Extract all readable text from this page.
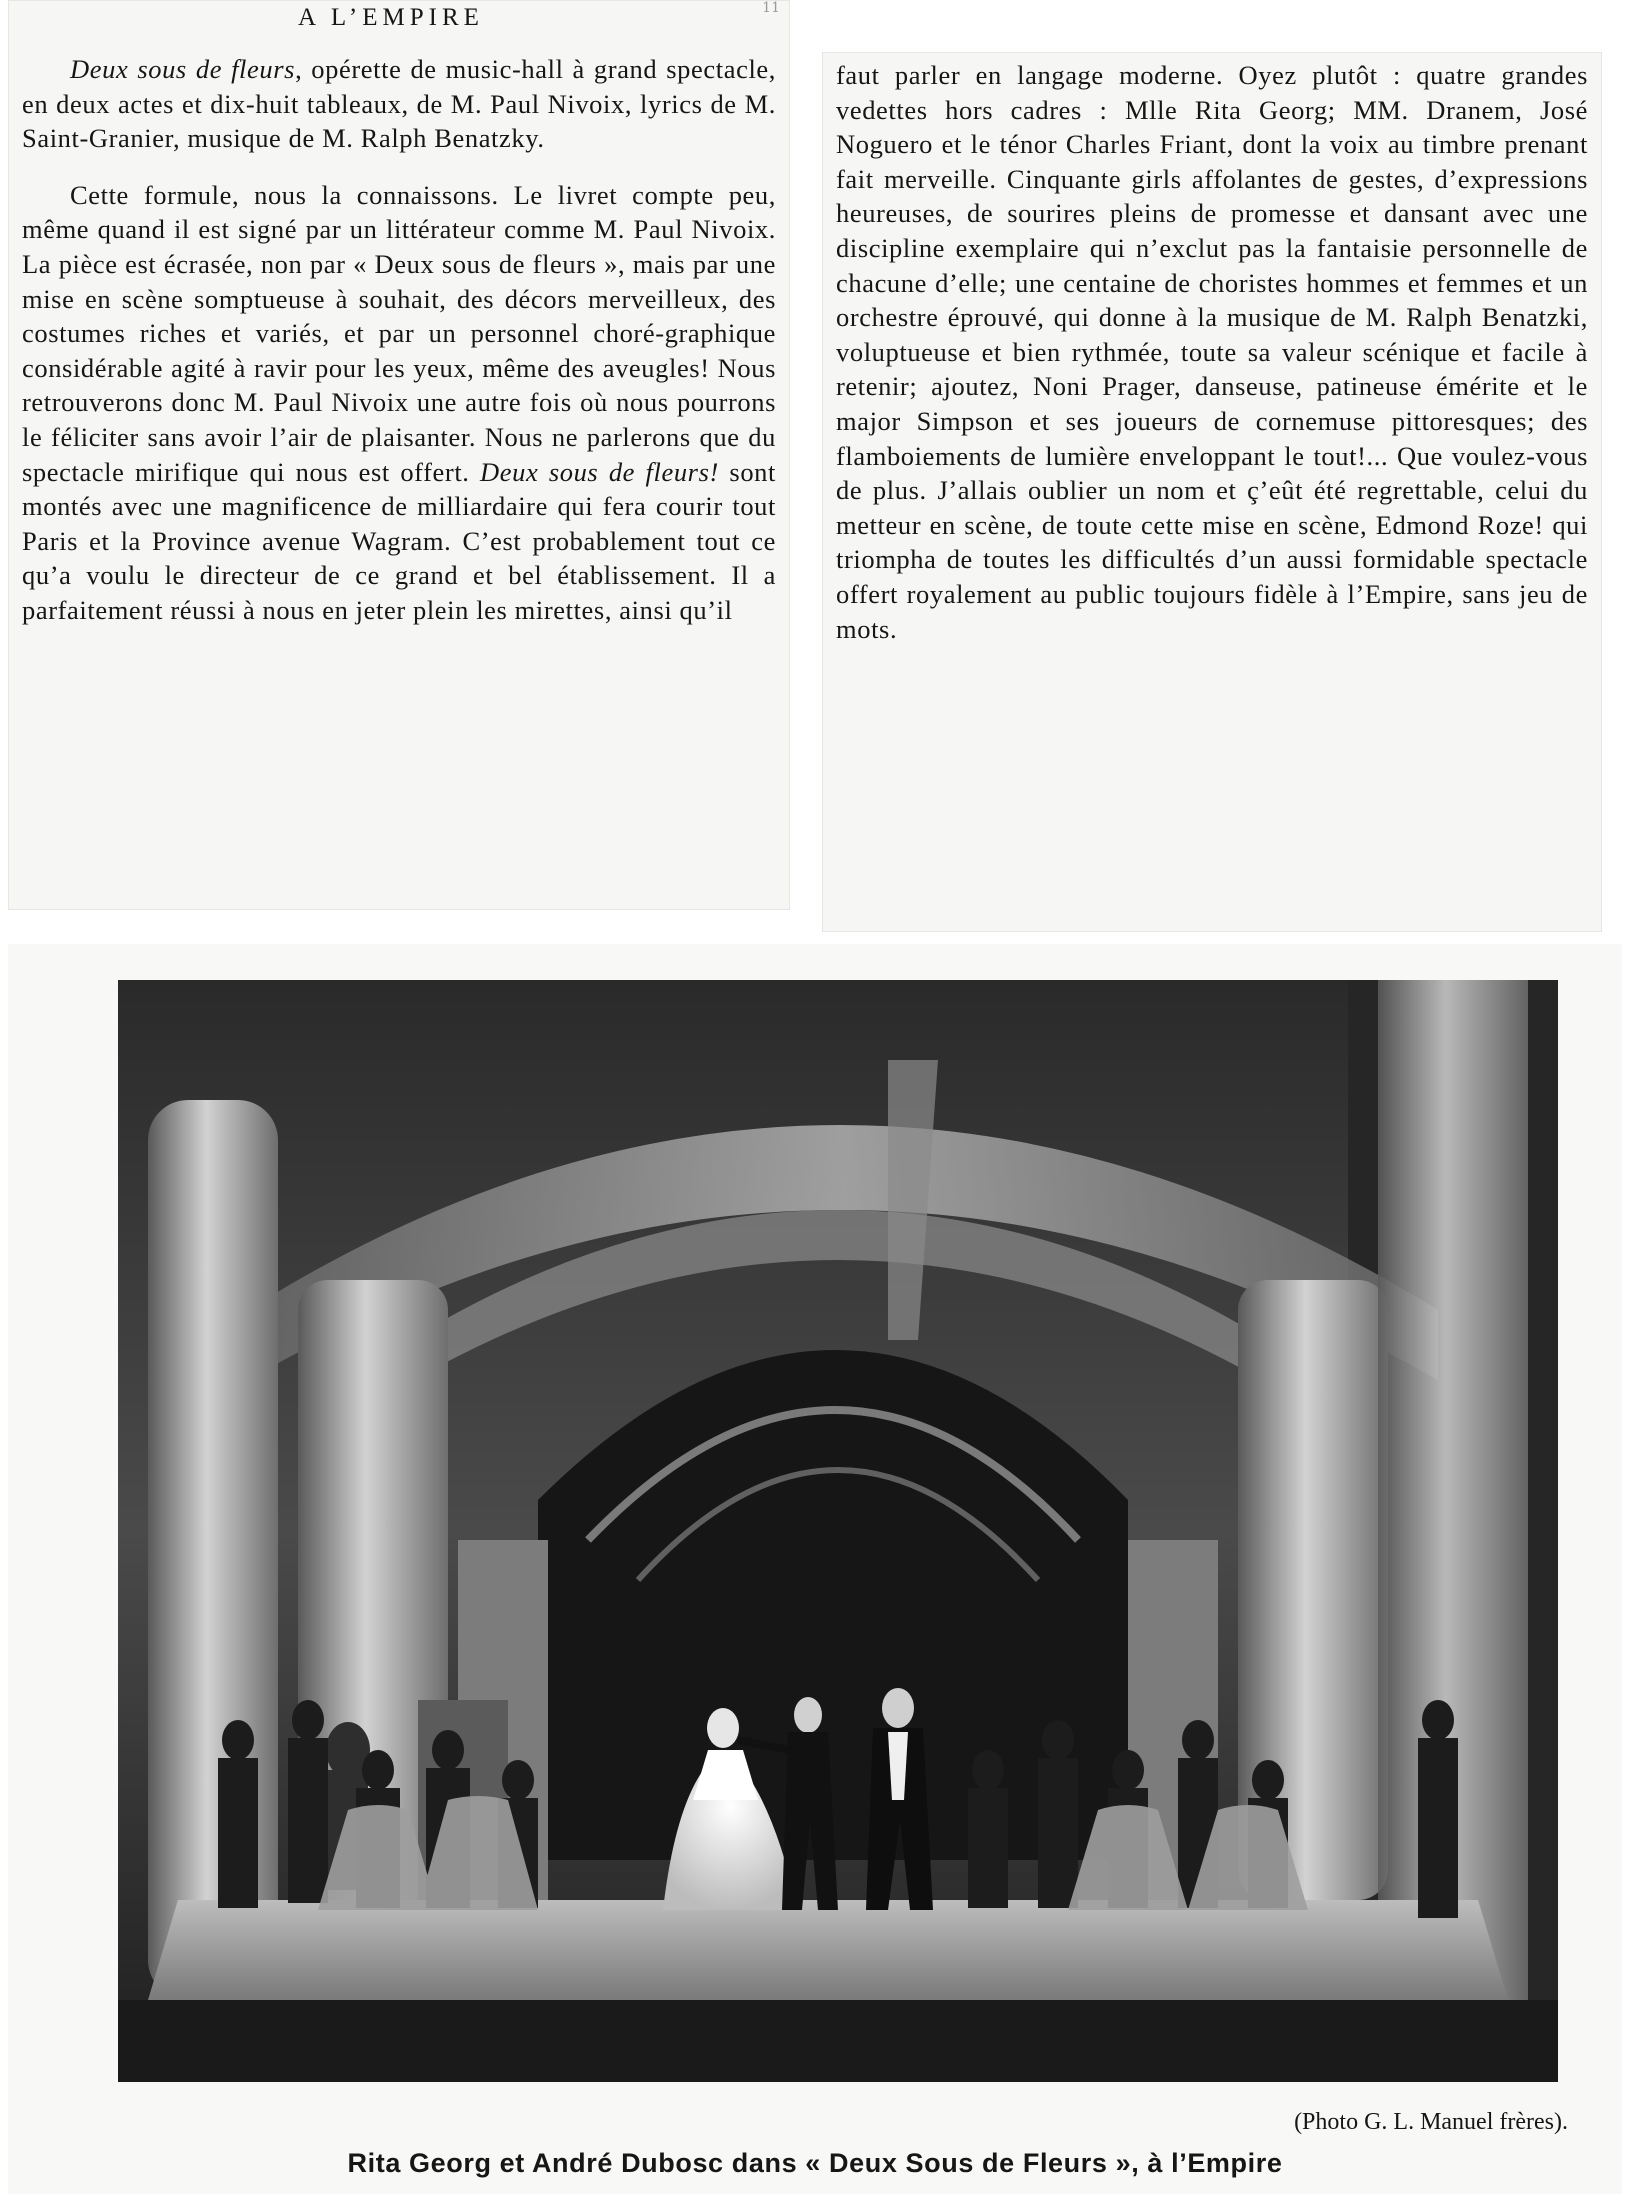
11
A L’EMPIRE

Deux sous de fleurs, opérette de music-hall à grand spectacle, en deux actes et dix-huit tableaux, de M. Paul Nivoix, lyrics de M. Saint-Granier, musique de M. Ralph Benatzky.

Cette formule, nous la connaissons. Le livret compte peu, même quand il est signé par un littérateur comme M. Paul Nivoix. La pièce est écrasée, non par « Deux sous de fleurs », mais par une mise en scène somptueuse à souhait, des décors merveilleux, des costumes riches et variés, et par un personnel choré-graphique considérable agité à ravir pour les yeux, même des aveugles! Nous retrouverons donc M. Paul Nivoix une autre fois où nous pourrons le féliciter sans avoir l’air de plaisanter. Nous ne parlerons que du spectacle mirifique qui nous est offert. Deux sous de fleurs! sont montés avec une magnificence de milliardaire qui fera courir tout Paris et la Province avenue Wagram. C’est probablement tout ce qu’a voulu le directeur de ce grand et bel établissement. Il a parfaitement réussi à nous en jeter plein les mirettes, ainsi qu’il

faut parler en langage moderne. Oyez plutôt : quatre grandes vedettes hors cadres : Mlle Rita Georg; MM. Dranem, José Noguero et le ténor Charles Friant, dont la voix au timbre prenant fait merveille. Cinquante girls affolantes de gestes, d’expressions heureuses, de sourires pleins de promesse et dansant avec une discipline exemplaire qui n’exclut pas la fantaisie personnelle de chacune d’elle; une centaine de choristes hommes et femmes et un orchestre éprouvé, qui donne à la musique de M. Ralph Benatzki, voluptueuse et bien rythmée, toute sa valeur scénique et facile à retenir; ajoutez, Noni Prager, danseuse, patineuse émérite et le major Simpson et ses joueurs de cornemuse pittoresques; des flamboiements de lumière enveloppant le tout!... Que voulez-vous de plus. J’allais oublier un nom et ç’eût été regrettable, celui du metteur en scène, de toute cette mise en scène, Edmond Roze! qui triompha de toutes les difficultés d’un aussi formidable spectacle offert royalement au public toujours fidèle à l’Empire, sans jeu de mots.
(Photo G. L. Manuel frères).
Rita Georg et André Dubosc dans « Deux Sous de Fleurs », à l’Empire
